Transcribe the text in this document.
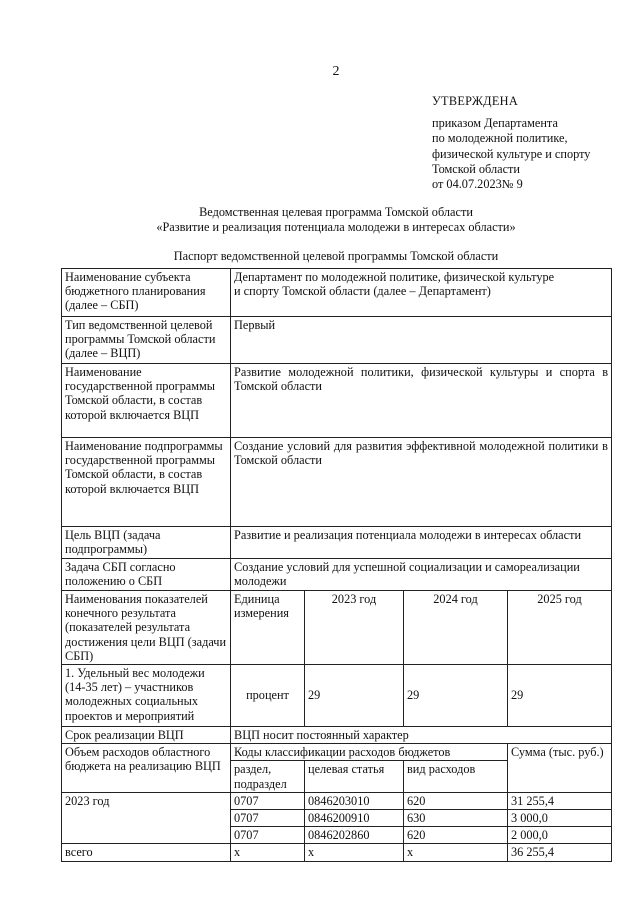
2
УТВЕРЖДЕНА
приказом Департамента
по молодежной политике,
физической культуре и спорту
Томской области
от 04.07.2023№ 9
Ведомственная целевая программа Томской области
«Развитие и реализация потенциала молодежи в интересах области»
Паспорт ведомственной целевой программы Томской области
Наименование субъекта бюджетного планирования (далее – СБП)	Департамент по молодежной политике, физической культуре
и спорту Томской области (далее – Департамент)			

Тип ведомственной целевой программы Томской области (далее – ВЦП)	Первый			
Наименование государственной программы Томской области, в состав которой включается ВЦП	Развитие молодежной политики, физической культуры и спорта в Томской области			
Наименование подпрограммы государственной программы Томской области, в состав которой включается ВЦП	Создание условий для развития эффективной молодежной политики в Томской области			
Цель ВЦП (задача подпрограммы)	Развитие и реализация потенциала молодежи в интересах области			
Задача СБП согласно положению о СБП	Создание условий для успешной социализации и самореализации молодежи			
Наименования показателей конечного результата (показателей результата достижения цели ВЦП (задачи СБП)	Единица измерения	2023 год	2024 год	2025 год
1. Удельный вес молодежи (14-35 лет) – участников молодежных социальных проектов и мероприятий	процент	29	29	29
Срок реализации ВЦП	ВЦП носит постоянный характер			
Объем расходов областного бюджета на реализацию ВЦП	Коды классификации расходов бюджетов			Сумма (тыс. руб.)
	раздел, подраздел	целевая статья	вид расходов	
2023 год	0707	0846203010	620	31 255,4
	0707	0846200910	630	3 000,0
	0707	0846202860	620	2 000,0
всего	х	х	х	36 255,4
